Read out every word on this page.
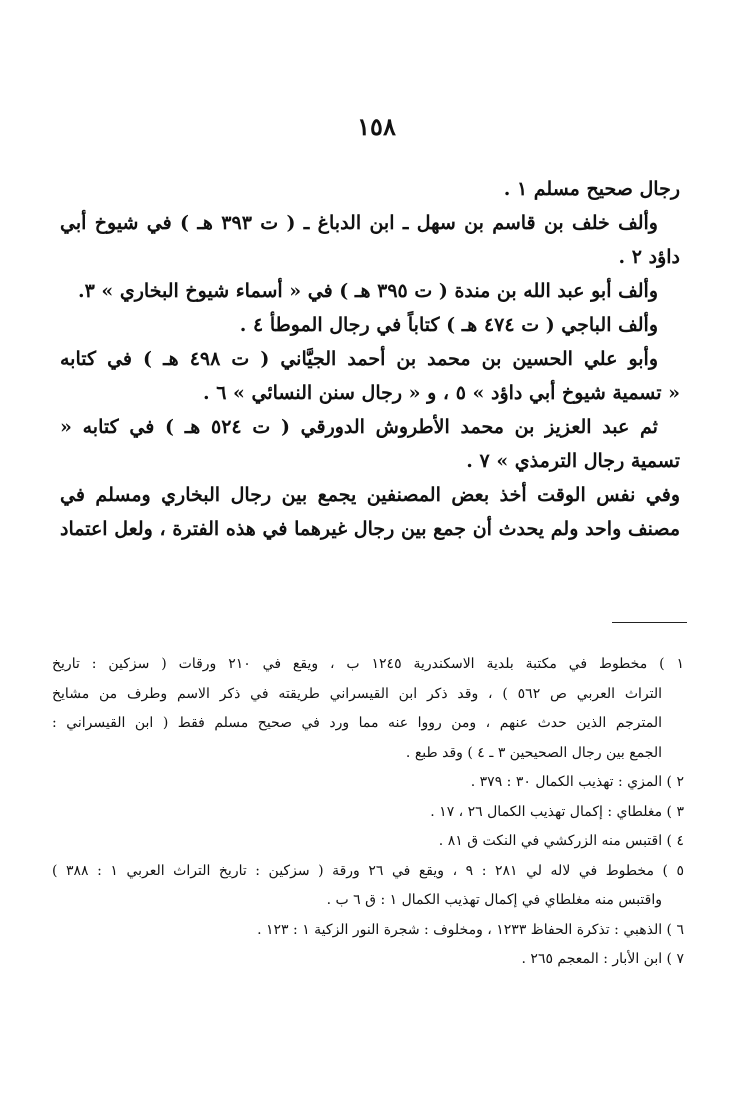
١٥٨
رجال صحيح مسلم ١ .
وألف خلف بن قاسم بن سهل ـ ابن الدباغ ـ ( ت ٣٩٣ هـ ) في شيوخ أبي
داؤد ٢ .
وألف أبو عبد الله بن مندة ( ت ٣٩٥ هـ ) في « أسماء شيوخ البخاري » ٣.
وألف الباجي ( ت ٤٧٤ هـ ) كتاباً في رجال الموطأ ٤ .
وأبو علي الحسين بن محمد بن أحمد الجيَّاني ( ت ٤٩٨ هـ ) في كتابه
« تسمية شيوخ أبي داؤد » ٥ ، و « رجال سنن النسائي » ٦ .
ثم عبد العزيز بن محمد الأطروش الدورقي ( ت ٥٢٤ هـ ) في كتابه «
تسمية رجال الترمذي » ٧ .
وفي نفس الوقت أخذ بعض المصنفين يجمع بين رجال البخاري ومسلم في
مصنف واحد ولم يحدث أن جمع بين رجال غيرهما في هذه الفترة ، ولعل اعتماد
١ ) مخطوط في مكتبة بلدية الاسكندرية ١٢٤٥ ب ، ويقع في ٢١٠ ورقات ( سزكين : تاريخ
التراث العربي ص ٥٦٢ ) ، وقد ذكر ابن القيسراني طريقته في ذكر الاسم وطرف من مشايخ
المترجم الذين حدث عنهم ، ومن رووا عنه مما ورد في صحيح مسلم فقط ( ابن القيسراني :
الجمع بين رجال الصحيحين ٣ ـ ٤ ) وقد طبع .
٢ ) المزي : تهذيب الكمال ٣٠ : ٣٧٩ .
٣ ) مغلطاي : إكمال تهذيب الكمال ٢٦ ، ١٧ .
٤ ) اقتبس منه الزركشي في النكت ق ٨١ .
٥ ) مخطوط في لاله لي ٢٨١ : ٩ ، ويقع في ٢٦ ورقة ( سزكين : تاريخ التراث العربي ١ : ٣٨٨ )
واقتبس منه مغلطاي في إكمال تهذيب الكمال ١ : ق ٦ ب .
٦ ) الذهبي : تذكرة الحفاظ ١٢٣٣ ، ومخلوف : شجرة النور الزكية ١ : ١٢٣ .
٧ ) ابن الأبار : المعجم ٢٦٥ .
